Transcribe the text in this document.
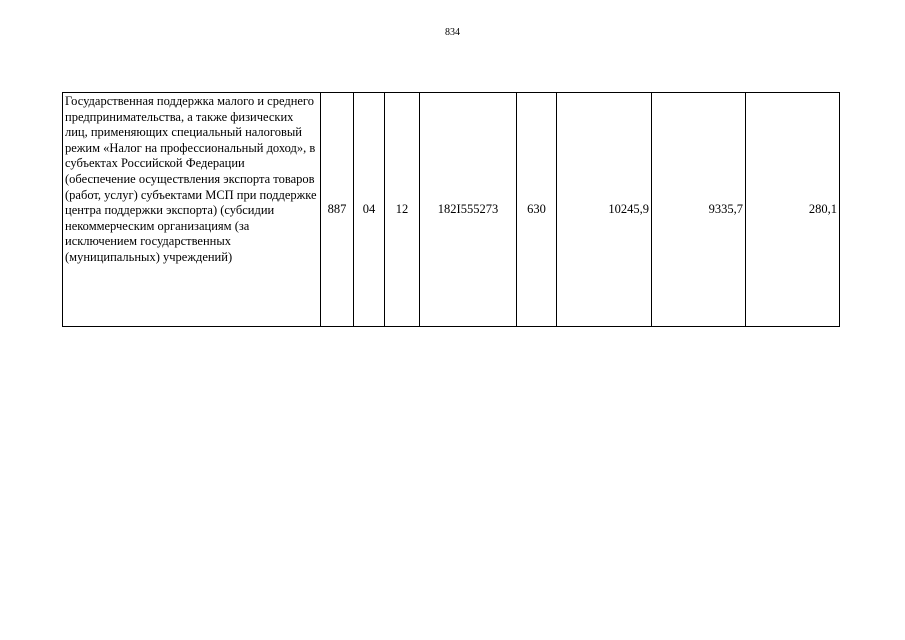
834
Государственная поддержка малого и среднего предпринимательства, а также физических лиц, применяющих специальный налоговый режим «Налог на профессиональный доход», в субъектах Российской Федерации (обеспечение осуществления экспорта товаров (работ, услуг) субъектами МСП при поддержке центра поддержки экспорта) (субсидии некоммерческим организациям (за исключением государственных (муниципальных) учреждений)	887	04	12	182I555273	630	10245,9	9335,7	280,1
